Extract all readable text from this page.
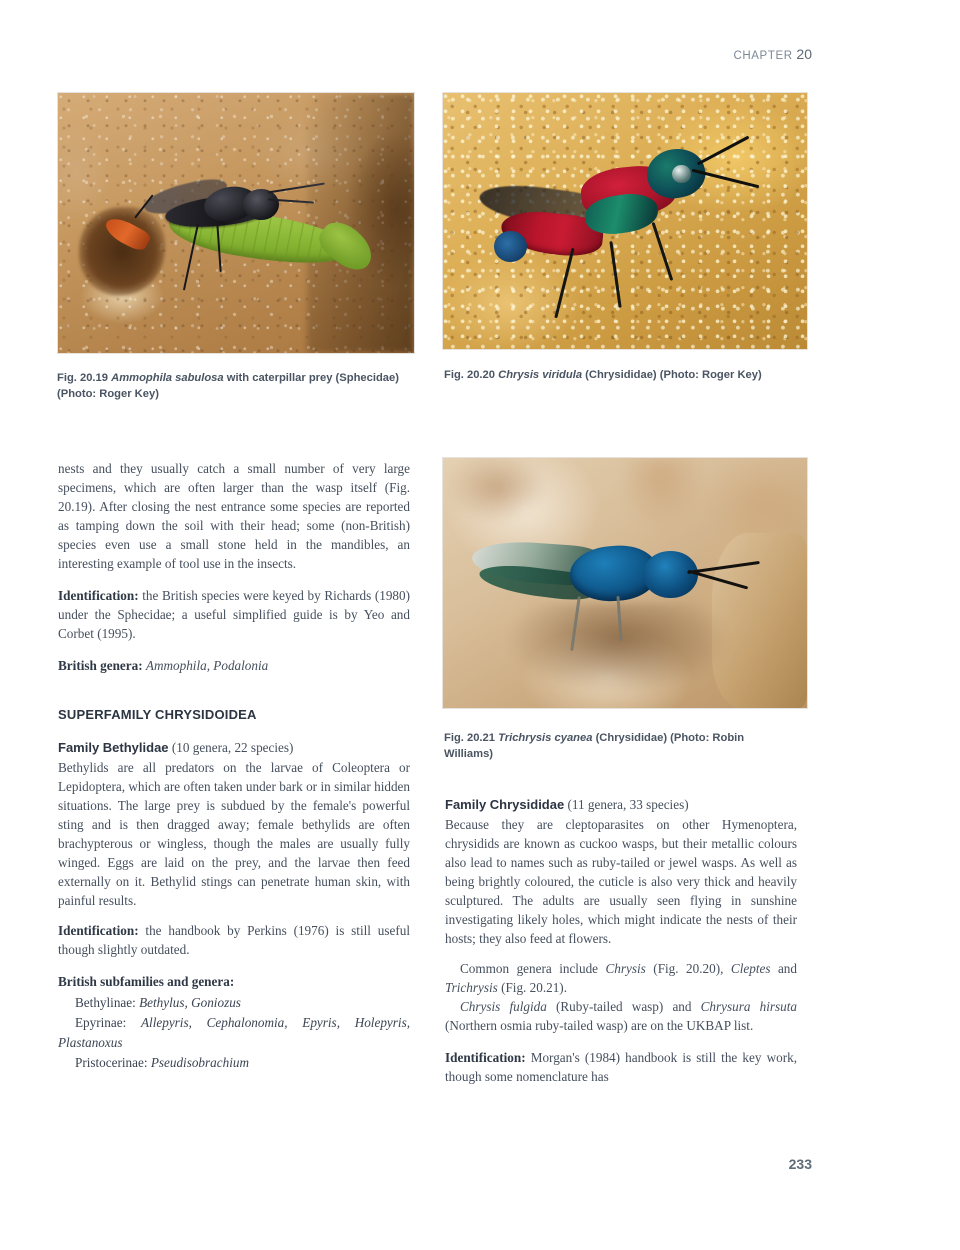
CHAPTER 20
Fig. 20.19 Ammophila sabulosa with caterpillar prey (Sphecidae) (Photo: Roger Key)
Fig. 20.20 Chrysis viridula (Chrysididae) (Photo: Roger Key)
Fig. 20.21 Trichrysis cyanea (Chrysididae) (Photo: Robin Williams)

nests and they usually catch a small number of very large specimens, which are often larger than the wasp itself (Fig. 20.19). After closing the nest entrance some species are reported as tamping down the soil with their head; some (non-British) species even use a small stone held in the mandibles, an interesting example of tool use in the insects.

Identification: the British species were keyed by Richards (1980) under the Sphecidae; a useful simplified guide is by Yeo and Corbet (1995).

British genera: Ammophila, Podalonia

SUPERFAMILY CHRYSIDOIDEA

Family Bethylidae (10 genera, 22 species)
Bethylids are all predators on the larvae of Coleoptera or Lepidoptera, which are often taken under bark or in similar hidden situations. The large prey is subdued by the female's powerful sting and is then dragged away; female bethylids are often brachypterous or wingless, though the males are usually fully winged. Eggs are laid on the prey, and the larvae then feed externally on it. Bethylid stings can penetrate human skin, with painful results.

Identification: the handbook by Perkins (1976) is still useful though slightly outdated.

British subfamilies and genera:

Bethylinae: Bethylus, Goniozus
Epyrinae: Allepyris, Cephalonomia, Epyris, Holepyris, Plastanoxus
Pristocerinae: Pseudisobrachium

Family Chrysididae (11 genera, 33 species)
Because they are cleptoparasites on other Hymenoptera, chrysidids are known as cuckoo wasps, but their metallic colours also lead to names such as ruby-tailed or jewel wasps. As well as being brightly coloured, the cuticle is also very thick and heavily sculptured. The adults are usually seen flying in sunshine investigating likely holes, which might indicate the nests of their hosts; they also feed at flowers.

Common genera include Chrysis (Fig. 20.20), Cleptes and Trichrysis (Fig. 20.21).

Chrysis fulgida (Ruby-tailed wasp) and Chrysura hirsuta (Northern osmia ruby-tailed wasp) are on the UKBAP list.

Identification: Morgan's (1984) handbook is still the key work, though some nomenclature has

233
